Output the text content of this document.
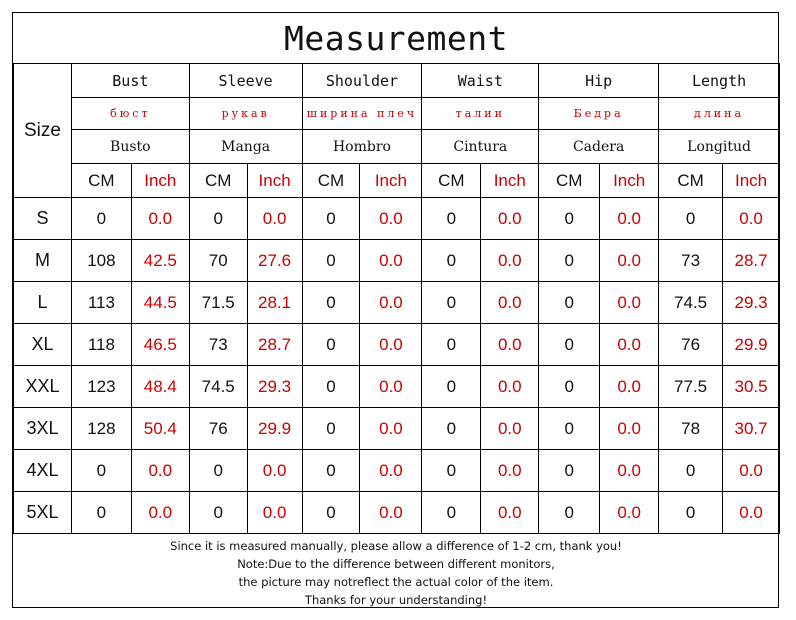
Measurement
Size	Bust		Sleeve		Shoulder		Waist		Hip		Length	
	бюст		рукав		ширина плеч		талии		Бедра		длина	
	Busto		Manga		Hombro		Cintura		Cadera		Longitud	
	CM	Inch	CM	Inch	CM	Inch	CM	Inch	CM	Inch	CM	Inch
S	0	0.0	0	0.0	0	0.0	0	0.0	0	0.0	0	0.0
M	108	42.5	70	27.6	0	0.0	0	0.0	0	0.0	73	28.7
L	113	44.5	71.5	28.1	0	0.0	0	0.0	0	0.0	74.5	29.3
XL	118	46.5	73	28.7	0	0.0	0	0.0	0	0.0	76	29.9
XXL	123	48.4	74.5	29.3	0	0.0	0	0.0	0	0.0	77.5	30.5
3XL	128	50.4	76	29.9	0	0.0	0	0.0	0	0.0	78	30.7
4XL	0	0.0	0	0.0	0	0.0	0	0.0	0	0.0	0	0.0
5XL	0	0.0	0	0.0	0	0.0	0	0.0	0	0.0	0	0.0
Since it is measured manually, please allow a difference of 1-2 cm, thank you!
Note:Due to the difference between different monitors,
the picture may notreflect the actual color of the item.
Thanks for your understanding!
